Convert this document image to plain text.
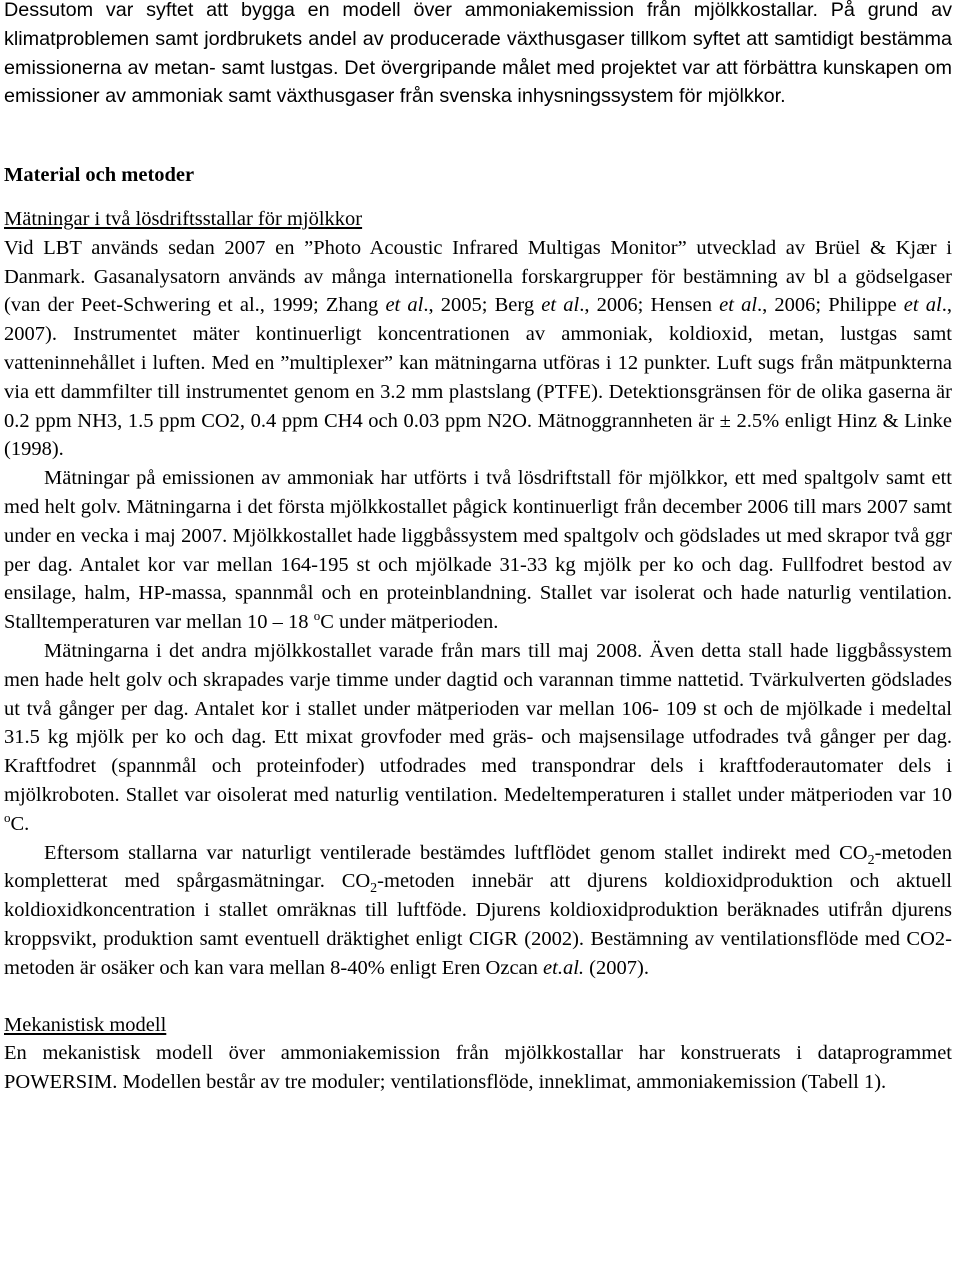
Dessutom var syftet att bygga en modell över ammoniakemission från mjölkkostallar. På grund av klimatproblemen samt jordbrukets andel av producerade växthusgaser tillkom syftet att samtidigt bestämma emissionerna av metan- samt lustgas. Det övergripande målet med projektet var att förbättra kunskapen om emissioner av ammoniak samt växthusgaser från svenska inhysningssystem för mjölkkor.

Material och metoder
Mätningar i två lösdriftsstallar för mjölkkor

Vid LBT används sedan 2007 en ”Photo Acoustic Infrared Multigas Monitor” utvecklad av Brüel & Kjær i Danmark. Gasanalysatorn används av många internationella forskargrupper för bestämning av bl a gödselgaser (van der Peet-Schwering et al., 1999; Zhang et al., 2005; Berg et al., 2006; Hensen et al., 2006; Philippe et al., 2007). Instrumentet mäter kontinuerligt koncentrationen av ammoniak, koldioxid, metan, lustgas samt vatteninnehållet i luften. Med en ”multiplexer” kan mätningarna utföras i 12 punkter. Luft sugs från mätpunkterna via ett dammfilter till instrumentet genom en 3.2 mm plastslang (PTFE). Detektionsgränsen för de olika gaserna är 0.2 ppm NH3, 1.5 ppm CO2, 0.4 ppm CH4 och 0.03 ppm N2O. Mätnoggrannheten är ± 2.5% enligt Hinz & Linke (1998).

Mätningar på emissionen av ammoniak har utförts i två lösdriftstall för mjölkkor, ett med spaltgolv samt ett med helt golv. Mätningarna i det första mjölkkostallet pågick kontinuerligt från december 2006 till mars 2007 samt under en vecka i maj 2007. Mjölkkostallet hade liggbåssystem med spaltgolv och gödslades ut med skrapor två ggr per dag. Antalet kor var mellan 164-195 st och mjölkade 31-33 kg mjölk per ko och dag. Fullfodret bestod av ensilage, halm, HP-massa, spannmål och en proteinblandning. Stallet var isolerat och hade naturlig ventilation. Stalltemperaturen var mellan 10 – 18 $^o$C under mätperioden.

Mätningarna i det andra mjölkkostallet varade från mars till maj 2008. Även detta stall hade liggbåssystem men hade helt golv och skrapades varje timme under dagtid och varannan timme nattetid. Tvärkulverten gödslades ut två gånger per dag. Antalet kor i stallet under mätperioden var mellan 106- 109 st och de mjölkade i medeltal 31.5 kg mjölk per ko och dag. Ett mixat grovfoder med gräs- och majsensilage utfodrades två gånger per dag. Kraftfodret (spannmål och proteinfoder) utfodrades med transpondrar dels i kraftfoderautomater dels i mjölkroboten. Stallet var oisolerat med naturlig ventilation. Medeltemperaturen i stallet under mätperioden var 10 $^o$C.

Eftersom stallarna var naturligt ventilerade bestämdes luftflödet genom stallet indirekt med $CO_2$-metoden kompletterat med spårgasmätningar. $CO_2$-metoden innebär att djurens koldioxidproduktion och aktuell koldioxidkoncentration i stallet omräknas till luftföde. Djurens koldioxidproduktion beräknades utifrån djurens kroppsvikt, produktion samt eventuell dräktighet enligt CIGR (2002). Bestämning av ventilationsflöde med CO2-metoden är osäker och kan vara mellan 8-40% enligt Eren Ozcan et.al. (2007).

Mekanistisk modell

En mekanistisk modell över ammoniakemission från mjölkkostallar har konstruerats i dataprogrammet POWERSIM. Modellen består av tre moduler; ventilationsflöde, inneklimat, ammoniakemission (Tabell 1).
